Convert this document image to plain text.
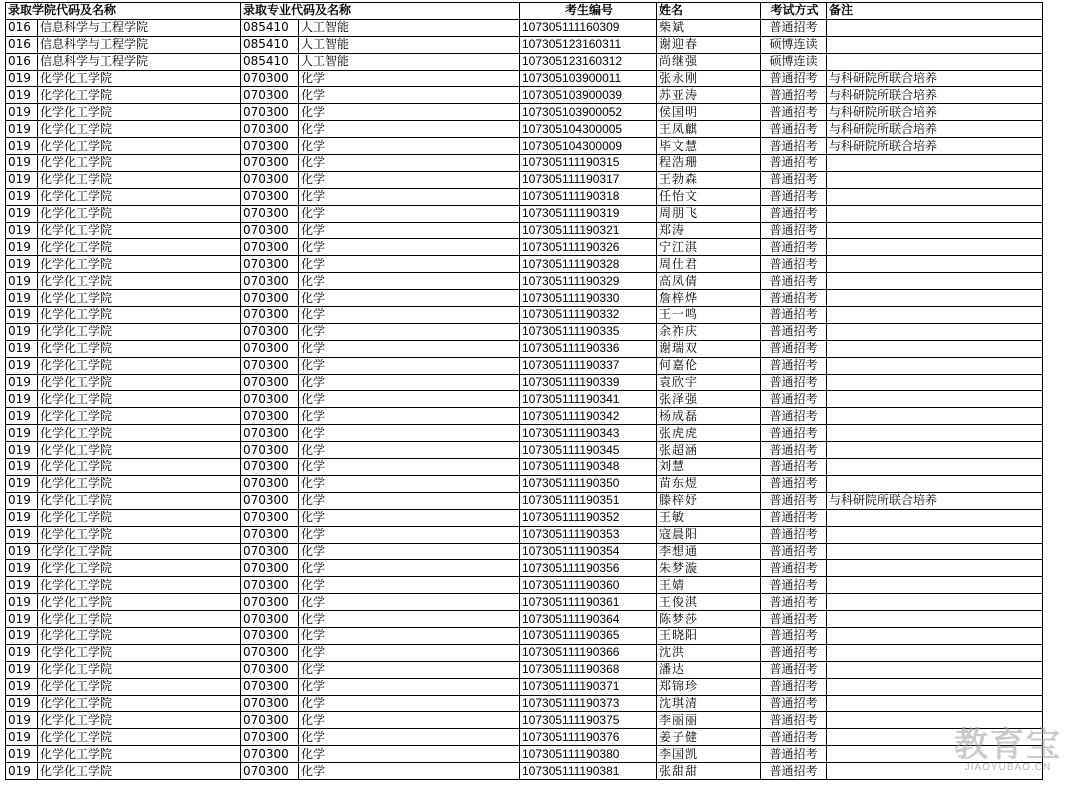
录取学院代码及名称		录取专业代码及名称		考生编号	姓名	考试方式	备注
016	信息科学与工程学院	085410	人工智能	107305111160309	柴斌	普通招考	
016	信息科学与工程学院	085410	人工智能	107305123160311	谢迎春	硕博连读	
016	信息科学与工程学院	085410	人工智能	107305123160312	尚继强	硕博连读	
019	化学化工学院	070300	化学	107305103900011	张永刚	普通招考	与科研院所联合培养
019	化学化工学院	070300	化学	107305103900039	苏亚涛	普通招考	与科研院所联合培养
019	化学化工学院	070300	化学	107305103900052	侯国明	普通招考	与科研院所联合培养
019	化学化工学院	070300	化学	107305104300005	王凤麒	普通招考	与科研院所联合培养
019	化学化工学院	070300	化学	107305104300009	毕文慧	普通招考	与科研院所联合培养
019	化学化工学院	070300	化学	107305111190315	程浩珊	普通招考	
019	化学化工学院	070300	化学	107305111190317	王勃森	普通招考	
019	化学化工学院	070300	化学	107305111190318	任怡文	普通招考	
019	化学化工学院	070300	化学	107305111190319	周朋飞	普通招考	
019	化学化工学院	070300	化学	107305111190321	郑涛	普通招考	
019	化学化工学院	070300	化学	107305111190326	宁江淇	普通招考	
019	化学化工学院	070300	化学	107305111190328	周仕君	普通招考	
019	化学化工学院	070300	化学	107305111190329	高凤倩	普通招考	
019	化学化工学院	070300	化学	107305111190330	詹梓烨	普通招考	
019	化学化工学院	070300	化学	107305111190332	王一鸣	普通招考	
019	化学化工学院	070300	化学	107305111190335	余祚庆	普通招考	
019	化学化工学院	070300	化学	107305111190336	谢瑞双	普通招考	
019	化学化工学院	070300	化学	107305111190337	何嘉伦	普通招考	
019	化学化工学院	070300	化学	107305111190339	袁欣宇	普通招考	
019	化学化工学院	070300	化学	107305111190341	张泽强	普通招考	
019	化学化工学院	070300	化学	107305111190342	杨成磊	普通招考	
019	化学化工学院	070300	化学	107305111190343	张虎虎	普通招考	
019	化学化工学院	070300	化学	107305111190345	张超涵	普通招考	
019	化学化工学院	070300	化学	107305111190348	刘慧	普通招考	
019	化学化工学院	070300	化学	107305111190350	苗东煜	普通招考	
019	化学化工学院	070300	化学	107305111190351	滕梓妤	普通招考	与科研院所联合培养
019	化学化工学院	070300	化学	107305111190352	王敏	普通招考	
019	化学化工学院	070300	化学	107305111190353	寇晨阳	普通招考	
019	化学化工学院	070300	化学	107305111190354	李想通	普通招考	
019	化学化工学院	070300	化学	107305111190356	朱梦漩	普通招考	
019	化学化工学院	070300	化学	107305111190360	王婧	普通招考	
019	化学化工学院	070300	化学	107305111190361	王俊淇	普通招考	
019	化学化工学院	070300	化学	107305111190364	陈梦莎	普通招考	
019	化学化工学院	070300	化学	107305111190365	王晓阳	普通招考	
019	化学化工学院	070300	化学	107305111190366	沈洪	普通招考	
019	化学化工学院	070300	化学	107305111190368	潘达	普通招考	
019	化学化工学院	070300	化学	107305111190371	郑锦珍	普通招考	
019	化学化工学院	070300	化学	107305111190373	沈琪清	普通招考	
019	化学化工学院	070300	化学	107305111190375	李丽丽	普通招考	
019	化学化工学院	070300	化学	107305111190376	姜子健	普通招考	
019	化学化工学院	070300	化学	107305111190380	李国凯	普通招考	
019	化学化工学院	070300	化学	107305111190381	张甜甜	普通招考	
教育宝
JIAOYUBAO.CN
